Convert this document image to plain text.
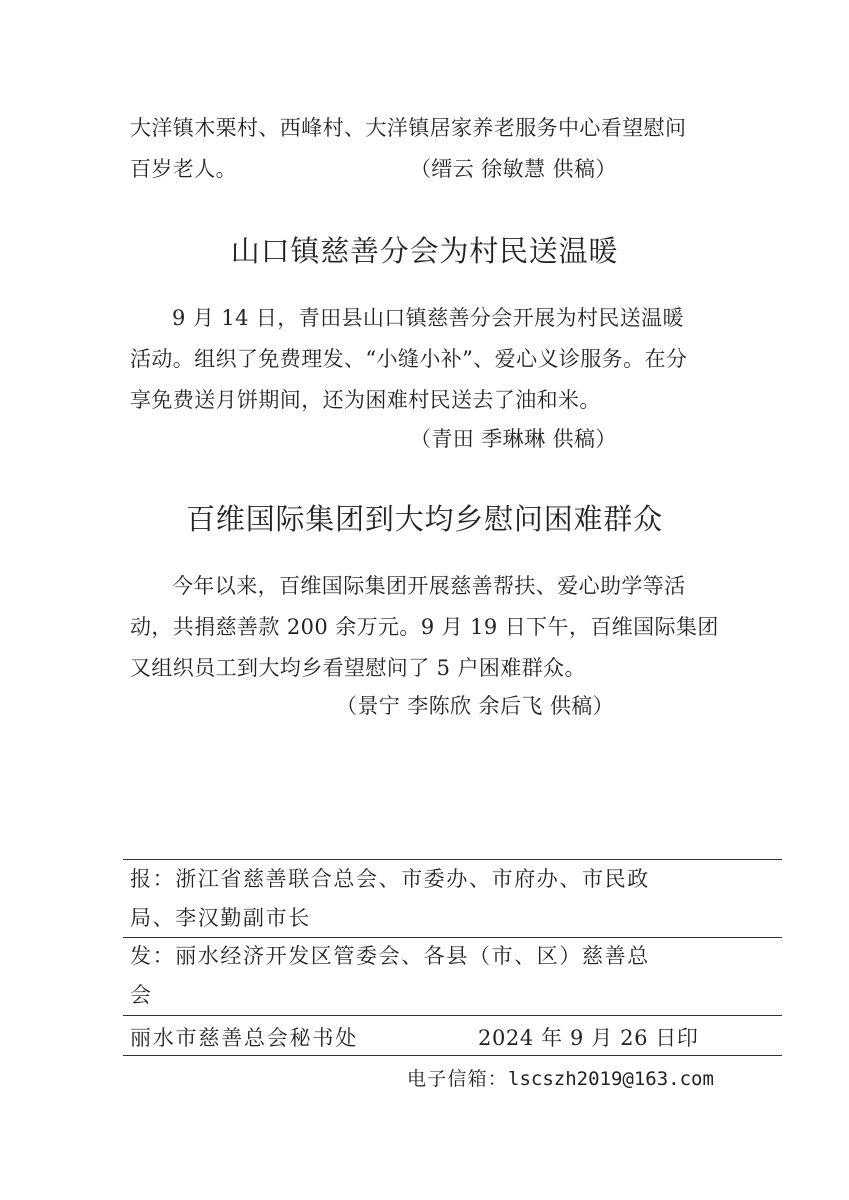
大洋镇木栗村、西峰村、大洋镇居家养老服务中心看望慰问
百岁老人。	（缙云 徐敏慧 供稿）
山口镇慈善分会为村民送温暖
9 月 14 日，青田县山口镇慈善分会开展为村民送温暖
活动。组织了免费理发、“小缝小补”、爱心义诊服务。在分
享免费送月饼期间，还为困难村民送去了油和米。
（青田 季琳琳 供稿）
百维国际集团到大均乡慰问困难群众
今年以来，百维国际集团开展慈善帮扶、爱心助学等活
动，共捐慈善款 200 余万元。9 月 19 日下午，百维国际集团
又组织员工到大均乡看望慰问了 5 户困难群众。
（景宁 李陈欣 余后飞 供稿）
报：浙江省慈善联合总会、市委办、市府办、市民政
局、李汉勤副市长
发：丽水经济开发区管委会、各县（市、区）慈善总
会
丽水市慈善总会秘书处	2024 年 9 月 26 日印
电子信箱：lscszh2019@163.com
